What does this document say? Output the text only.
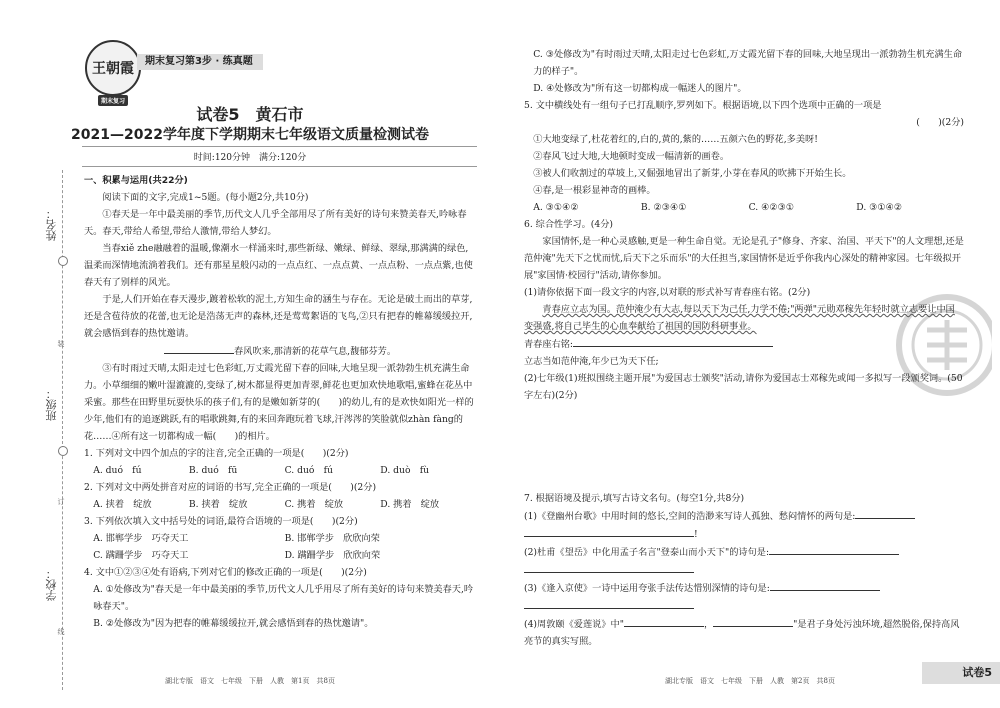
姓名：
班级：
学校：
装
订
线
王朝霞
期末复习
期末复习第3步 · 练真题
试卷5　黄石市
2021—2022学年度下学期期末七年级语文质量检测试卷
时间:120分钟　满分:120分

一、积累与运用(共22分)

阅读下面的文字,完成1~5题。(每小题2分,共10分)

①春天是一年中最美丽的季节,历代文人几乎全部用尽了所有美好的诗句来赞美春天,吟咏春天。春天,带给人希望,带给人激情,带给人梦幻。

当春xiě zhe融融着的温暖,像潮水一样涌来时,那些新绿、嫩绿、鲜绿、翠绿,那满满的绿色,温柔而深情地流淌着我们。还有那星星般闪动的一点点红、一点点黄、一点点粉、一点点紫,也使春天有了别样的风光。

于是,人们开始在春天漫步,踱着松软的泥土,方知生命的涵生与存在。无论是破土而出的草芽,还是含苞待放的花蕾,也无论是浩荡无声的森林,还是莺莺絮语的飞鸟,②只有把春的帷幕缓缓拉开,就会感悟到春的热忱邀请。

春风吹来,那清新的花草气息,馥郁芬芳。

③有时雨过天晴,太阳走过七色彩虹,万丈霞光留下春的回味,大地呈现一派勃勃生机充满生命力。小草细细的嫩叶湿漉漉的,变绿了,树木都显得更加青翠,鲜花也更加欢快地歌唱,蜜蜂在花丛中采蜜。那些在田野里玩耍快乐的孩子们,有的是嫩如新芽的(　　)的幼儿,有的是欢快如阳光一样的少年,他们有的追逐跳跃,有的唱歌跳舞,有的来回奔跑玩着飞球,汗涔涔的笑脸就似zhàn fàng的花……④所有这一切都构成一幅(　　)的相片。

1. 下列对文中四个加点的字的注音,完全正确的一项是(　　)(2分)

A. duó　fú	B. duó　fū	C. duó　fú	D. duò　fù

2. 下列对文中两处拼音对应的词语的书写,完全正确的一项是(　　)(2分)

A. 挟着　绽放	B. 挟着　绽放	C. 携着　绽放	D. 携着　绽放

3. 下列依次填入文中括号处的词语,最符合语境的一项是(　　)(2分)

A. 邯郸学步　巧夺天工	B. 邯郸学步　欣欣向荣
C. 蹒跚学步　巧夺天工	D. 蹒跚学步　欣欣向荣

4. 文中①②③④处有语病,下列对它们的修改正确的一项是(　　)(2分)

A. ①处修改为"春天是一年中最美丽的季节,历代文人几乎用尽了所有美好的诗句来赞美春天,吟咏春天"。

B. ②处修改为"因为把春的帷幕缓缓拉开,就会感悟到春的热忱邀请"。

湖北专版　语文　七年级　下册　人教　第1页　共8页

C. ③处修改为"有时雨过天晴,太阳走过七色彩虹,万丈霞光留下春的回味,大地呈现出一派勃勃生机充满生命力的样子"。

D. ④处修改为"所有这一切都构成一幅迷人的图片"。

5. 文中横线处有一组句子已打乱顺序,罗列如下。根据语境,以下四个选项中正确的一项是

(　　)(2分)

①大地变绿了,杜花着红的,白的,黄的,紫的……五颜六色的野花,多美呀!

②春风飞过大地,大地顿时变成一幅清新的画卷。

③被人们收割过的草坡上,又倔强地冒出了新芽,小芽在春风的吹拂下开始生长。

④春,是一根彩显神奇的画棒。

A. ③①④②	B. ②③④①	C. ④②③①	D. ③①④②

6. 综合性学习。(4分)

家国情怀,是一种心灵感触,更是一种生命自觉。无论是孔子"修身、齐家、治国、平天下"的人文理想,还是范仲淹"先天下之忧而忧,后天下之乐而乐"的大任担当,家国情怀是近乎你我内心深处的精神家园。七年级拟开展"家国情·校园行"活动,请你参加。

(1)请你依据下面一段文字的内容,以对联的形式补写青春座右铭。(2分)

青春应立志为国。范仲淹少有大志,每以天下为己任,力学不倦;"两弹"元勋邓稼先年轻时就立志要让中国变强盛,将自己毕生的心血奉献给了祖国的国防科研事业。

青春座右铭:

立志当如范仲淹,年少已为天下任;

(2)七年级(1)班拟围绕主题开展"为爱国志士颁奖"活动,请你为爱国志士邓稼先或闻一多拟写一段颁奖词。(50字左右)(2分)

7. 根据语境及提示,填写古诗文名句。(每空1分,共8分)

(1)《登幽州台歌》中用时间的悠长,空间的浩渺来写诗人孤独、愁闷情怀的两句是:

!

(2)杜甫《望岳》中化用孟子名言"登泰山而小天下"的诗句是:

(3)《逢入京使》一诗中运用夸张手法传达惜别深情的诗句是:

(4)周敦颐《爱莲说》中"	，	"是君子身处污浊环境,超然脱俗,保持高风亮节的真实写照。

湖北专版　语文　七年级　下册　人教　第2页　共8页
试卷5
